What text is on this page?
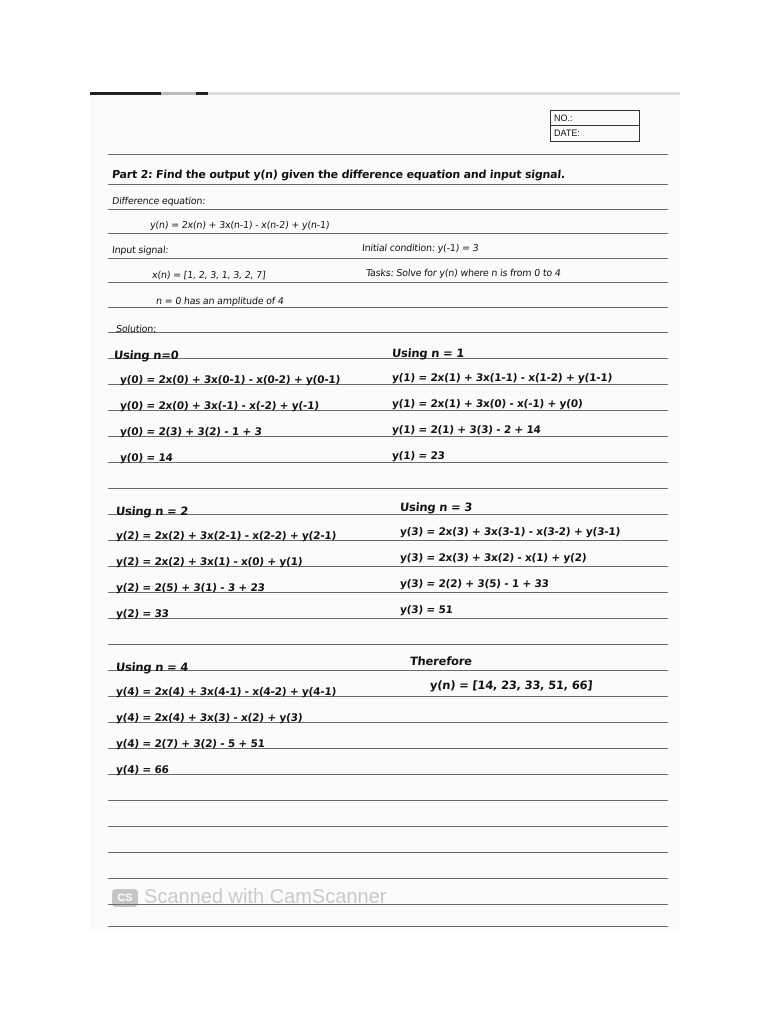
NO.:
DATE:
Part 2: Find the output y(n) given the difference equation and input signal.
Difference equation:
y(n) = 2x(n) + 3x(n-1) - x(n-2) + y(n-1)
Input signal:	Initial condition: y(-1) = 3
x(n) = [1, 2, 3, 1, 3, 2, 7]	Tasks: Solve for y(n) where n is from 0 to 4
n = 0 has an amplitude of 4
Solution:
Using n=0
y(0) = 2x(0) + 3x(0-1) - x(0-2) + y(0-1)
y(0) = 2x(0) + 3x(-1) - x(-2) + y(-1)
y(0) = 2(3) + 3(2) - 1 + 3
y(0) = 14
Using n = 1
y(1) = 2x(1) + 3x(1-1) - x(1-2) + y(1-1)
y(1) = 2x(1) + 3x(0) - x(-1) + y(0)
y(1) = 2(1) + 3(3) - 2 + 14
y(1) = 23
Using n = 2
y(2) = 2x(2) + 3x(2-1) - x(2-2) + y(2-1)
y(2) = 2x(2) + 3x(1) - x(0) + y(1)
y(2) = 2(5) + 3(1) - 3 + 23
y(2) = 33
Using n = 3
y(3) = 2x(3) + 3x(3-1) - x(3-2) + y(3-1)
y(3) = 2x(3) + 3x(2) - x(1) + y(2)
y(3) = 2(2) + 3(5) - 1 + 33
y(3) = 51
Using n = 4
y(4) = 2x(4) + 3x(4-1) - x(4-2) + y(4-1)
y(4) = 2x(4) + 3x(3) - x(2) + y(3)
y(4) = 2(7) + 3(2) - 5 + 51
y(4) = 66
Therefore
y(n) = [14, 23, 33, 51, 66]
CS Scanned with CamScanner
